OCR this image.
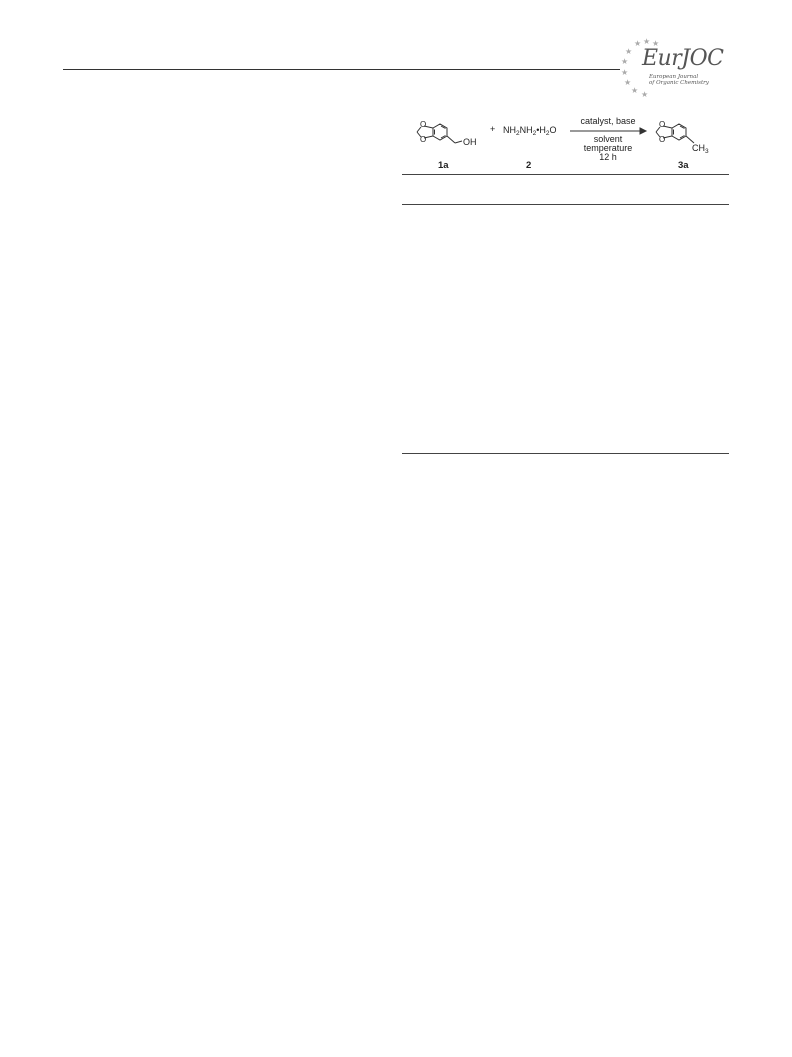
★ ★ ★
★
★
★
★
★ ★
EurJOC
European Journal
of Organic Chemistry
O
O
O
O
OH
+ $NH_2NH_2•H_2O$
catalyst, base
solvent
temperature
12 h
$CH_3$
1a	2	3a
